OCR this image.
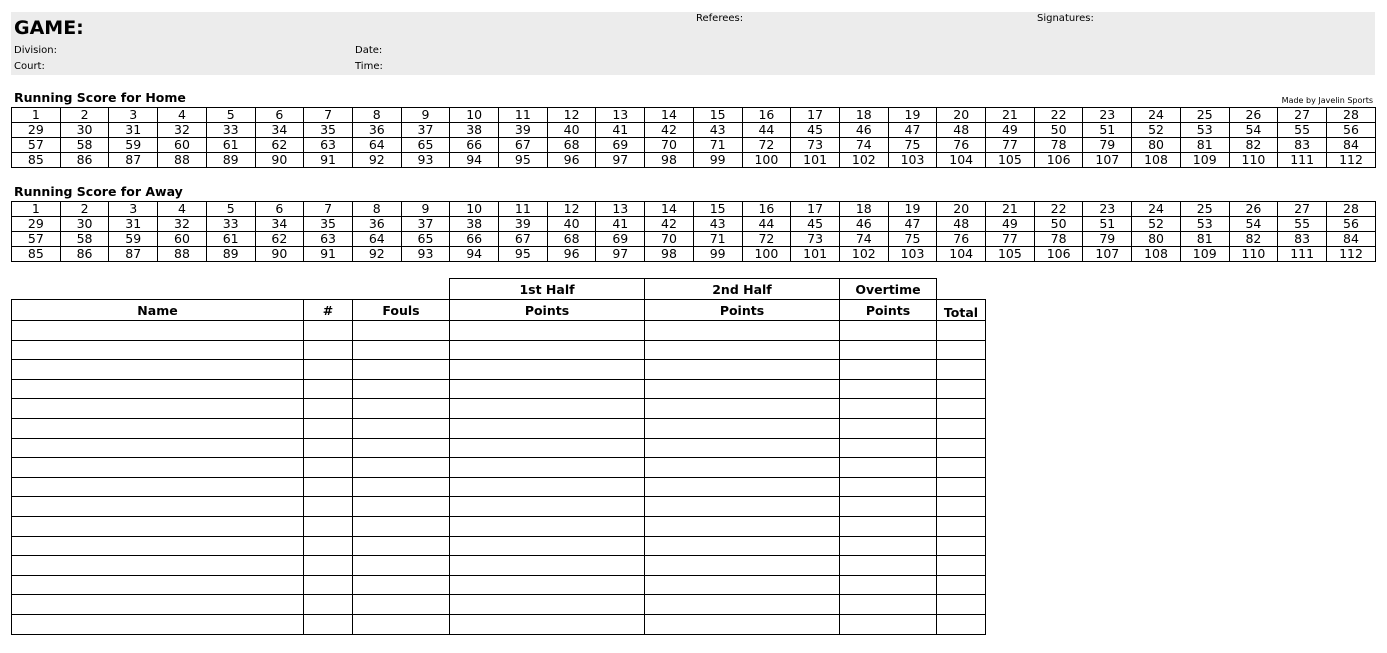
GAME:
Division:
Court:
Date:
Time:
Referees:	Signatures:
Running Score for Home	Made by Javelin Sports
1	2	3	4	5	6	7	8	9	10	11	12	13	14	15	16	17	18	19	20	21	22	23	24	25	26	27	28
29	30	31	32	33	34	35	36	37	38	39	40	41	42	43	44	45	46	47	48	49	50	51	52	53	54	55	56
57	58	59	60	61	62	63	64	65	66	67	68	69	70	71	72	73	74	75	76	77	78	79	80	81	82	83	84
85	86	87	88	89	90	91	92	93	94	95	96	97	98	99	100	101	102	103	104	105	106	107	108	109	110	111	112
Running Score for Away
1	2	3	4	5	6	7	8	9	10	11	12	13	14	15	16	17	18	19	20	21	22	23	24	25	26	27	28
29	30	31	32	33	34	35	36	37	38	39	40	41	42	43	44	45	46	47	48	49	50	51	52	53	54	55	56
57	58	59	60	61	62	63	64	65	66	67	68	69	70	71	72	73	74	75	76	77	78	79	80	81	82	83	84
85	86	87	88	89	90	91	92	93	94	95	96	97	98	99	100	101	102	103	104	105	106	107	108	109	110	111	112
			1st Half	2nd Half	Overtime	
Name	#	Fouls	Points	Points	Points	Total
